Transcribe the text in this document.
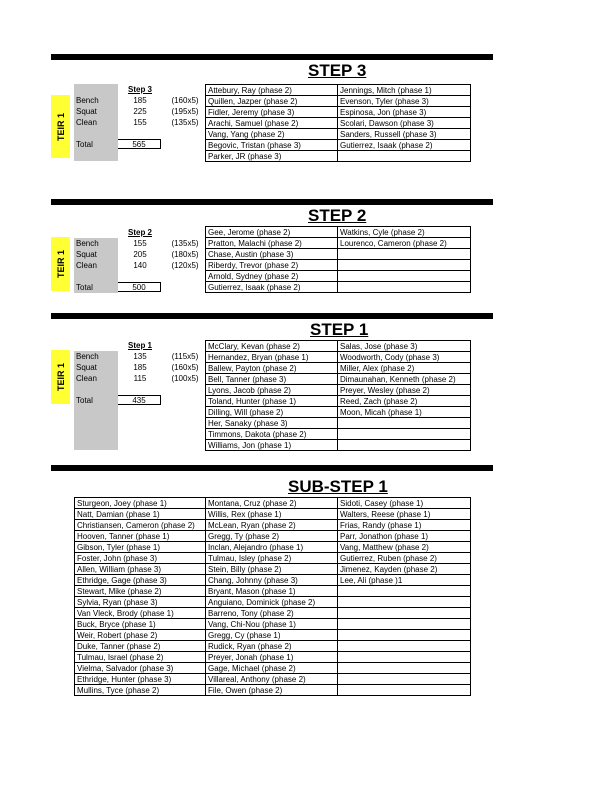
STEP 3
TEIR 1
Step 3
Bench	185	(160x5)
Squat	225	(195x5)
Clean	155	(135x5)
Total	565
Attebury, Ray (phase 2)	Jennings, Mitch (phase 1)
Quillen, Jazper (phase 2)	Evenson, Tyler (phase 3)
Fidler, Jeremy (phase 3)	Espinosa, Jon (phase 3)
Arachi, Samuel (phase 2)	Scolari, Dawson (phase 3)
Vang, Yang (phase 2)	Sanders, Russell (phase 3)
Begovic, Tristan (phase 3)	Gutierrez, Isaak (phase 2)
Parker, JR (phase 3)	
STEP 2
TEIR 1
Step 2
Bench	155	(135x5)
Squat	205	(180x5)
Clean	140	(120x5)
Total	500
Gee, Jerome (phase 2)	Watkins, Cyle (phase 2)
Pratton, Malachi (phase 2)	Lourenco, Cameron (phase 2)
Chase, Austin (phase 3)	
Riberdy, Trevor (phase 2)	
Arnold, Sydney (phase 2)	
Gutierrez, Isaak (phase 2)	
STEP 1
TEIR 1
Step 1
Bench	135	(115x5)
Squat	185	(160x5)
Clean	115	(100x5)
Total	435
McClary, Kevan (phase 2)	Salas, Jose (phase 3)
Hernandez, Bryan (phase 1)	Woodworth, Cody (phase 3)
Ballew, Payton (phase 2)	Miller, Alex (phase 2)
Bell, Tanner (phase 3)	Dimaunahan, Kenneth (phase 2)
Lyons, Jacob (phase 2)	Preyer, Wesley (phase 2)
Toland, Hunter (phase 1)	Reed, Zach (phase 2)
Dilling, Will (phase 2)	Moon, Micah (phase 1)
Her, Sanaky (phase 3)	
Timmons, Dakota (phase 2)	
Williams, Jon (phase 1)	
SUB-STEP 1
Sturgeon, Joey (phase 1)	Montana, Cruz (phase 2)	Sidoti, Casey (phase 1)
Natt, Damian (phase 1)	Willis, Rex (phase 1)	Walters, Reese (phase 1)
Christiansen, Cameron (phase 2)	McLean, Ryan (phase 2)	Frias, Randy (phase 1)
Hooven, Tanner (phase 1)	Gregg, Ty (phase 2)	Parr, Jonathon (phase 1)
Gibson, Tyler (phase 1)	Inclan, Alejandro (phase 1)	Vang, Matthew (phase 2)
Foster, John (phase 3)	Tulmau, Isley (phase 2)	Gutierrez, Ruben (phase 2)
Allen, William (phase 3)	Stein, Billy (phase 2)	Jimenez, Kayden (phase 2)
Ethridge, Gage (phase 3)	Chang, Johnny (phase 3)	Lee, Ali (phase )1
Stewart, Mike (phase 2)	Bryant, Mason (phase 1)	
Sylvia, Ryan (phase 3)	Anguiano, Dominick (phase 2)	
Van Vleck, Brody (phase 1)	Barreno, Tony (phase 2)	
Buck, Bryce (phase 1)	Vang, Chi-Nou (phase 1)	
Weir, Robert (phase 2)	Gregg, Cy (phase 1)	
Duke, Tanner (phase 2)	Rudick, Ryan (phase 2)	
Tulmau, Israel (phase 2)	Preyer, Jonah (phase 1)	
Vielma, Salvador (phase 3)	Gage, Michael (phase 2)	
Ethridge, Hunter (phase 3)	Villareal, Anthony (phase 2)	
Mullins, Tyce (phase 2)	File, Owen (phase 2)	
